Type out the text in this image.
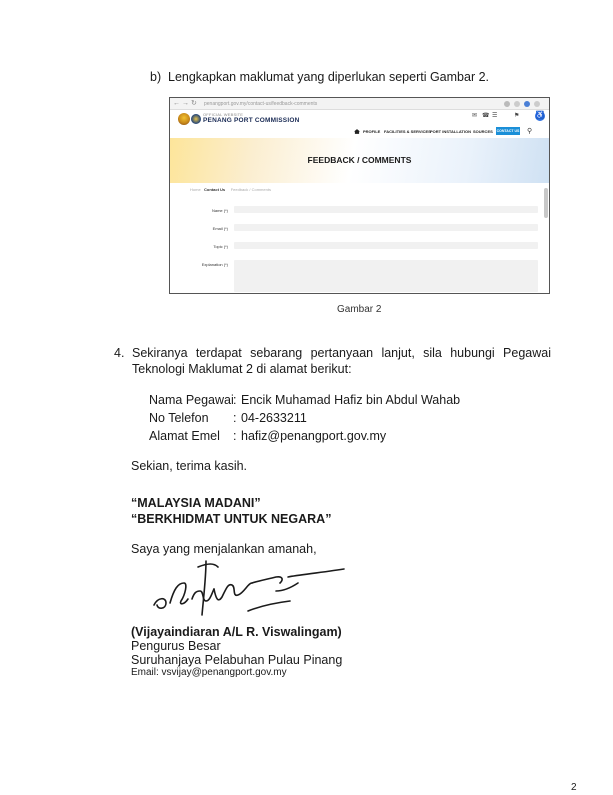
b) Lengkapkan maklumat yang diperlukan seperti Gambar 2.
← → ↻ penangport.gov.my/contact-us/feedback-comments
OFFICIAL WEBSITE
PENANG PORT COMMISSION
✉ ☎ ☰	⚑ ♿
PROFILE FACILITIES & SERVICES PORT INSTALLATION SOURCES CONTACT US ⚲
FEEDBACK / COMMENTS
Home Contact Us Feedback / Comments
Name (*)
Email (*)
Topic (*)
Explanation (*)
Gambar 2
4. Sekiranya terdapat sebarang pertanyaan lanjut, sila hubungi Pegawai Teknologi Maklumat 2 di alamat berikut:
Nama Pegawai: Encik Muhamad Hafiz bin Abdul Wahab
No Telefon : 04-2633211
Alamat Emel : hafiz@penangport.gov.my
Sekian, terima kasih.
“MALAYSIA MADANI”
“BERKHIDMAT UNTUK NEGARA”
Saya yang menjalankan amanah,
(Vijayaindiaran A/L R. Viswalingam)
Pengurus Besar
Suruhanjaya Pelabuhan Pulau Pinang
Email: vsvijay@penangport.gov.my
2
